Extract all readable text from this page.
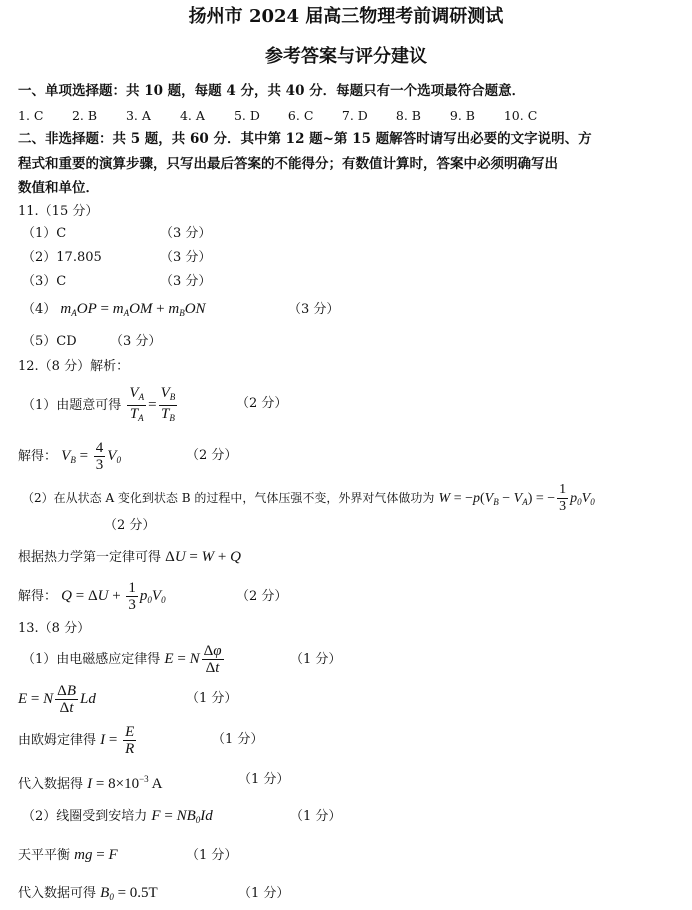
扬州市 2024 届高三物理考前调研测试
参考答案与评分建议
一、单项选择题：共 10 题，每题 4 分，共 40 分．每题只有一个选项最符合题意．
1. C 2. B 3. A 4. A 5. D 6. C 7. D 8. B 9. B 10. C
二、非选择题：共 5 题，共 60 分．其中第 12 题~第 15 题解答时请写出必要的文字说明、方
程式和重要的演算步骤，只写出最后答案的不能得分；有数值计算时，答案中必须明确写出
数值和单位．
11.（15 分）
（1）C	（3 分）
（2）17.805	（3 分）
（3）C	（3 分）
（4） $m_AOP = m_AOM + m_BON$	（3 分）
（5）CD	（3 分）
12.（8 分）解析：
（1）由题意可得 $\frac{V_A}{T_A} = \frac{V_B}{T_B}$	（2 分）
解得： $V_B = \frac{4}{3} V_0$	（2 分）
（2）在从状态 A 变化到状态 B 的过程中，气体压强不变，外界对气体做功为 $W = -p(V_B - V_A)$ = − $\frac{1}{3} p_0V_0$
（2 分）
根据热力学第一定律可得 ΔU = W + Q
解得： $Q = \Delta U + \frac{1}{3} p_0V_0$	（2 分）
13.（8 分）
（1）由电磁感应定律得 E = N $\frac{\Delta\varphi}{\Delta t}$	（1 分）
E = N $\frac{\Delta B}{\Delta t}$ Ld	（1 分）
由欧姆定律得 $I = \frac{E}{R}$	（1 分）
代入数据得 $I = 8\times 10^{-3}$ A	（1 分）
（2）线圈受到安培力 $F = NB_0Id$	（1 分）
天平平衡 mg = F	（1 分）
代入数据可得 $B_0 = 0.5T$	（1 分）
